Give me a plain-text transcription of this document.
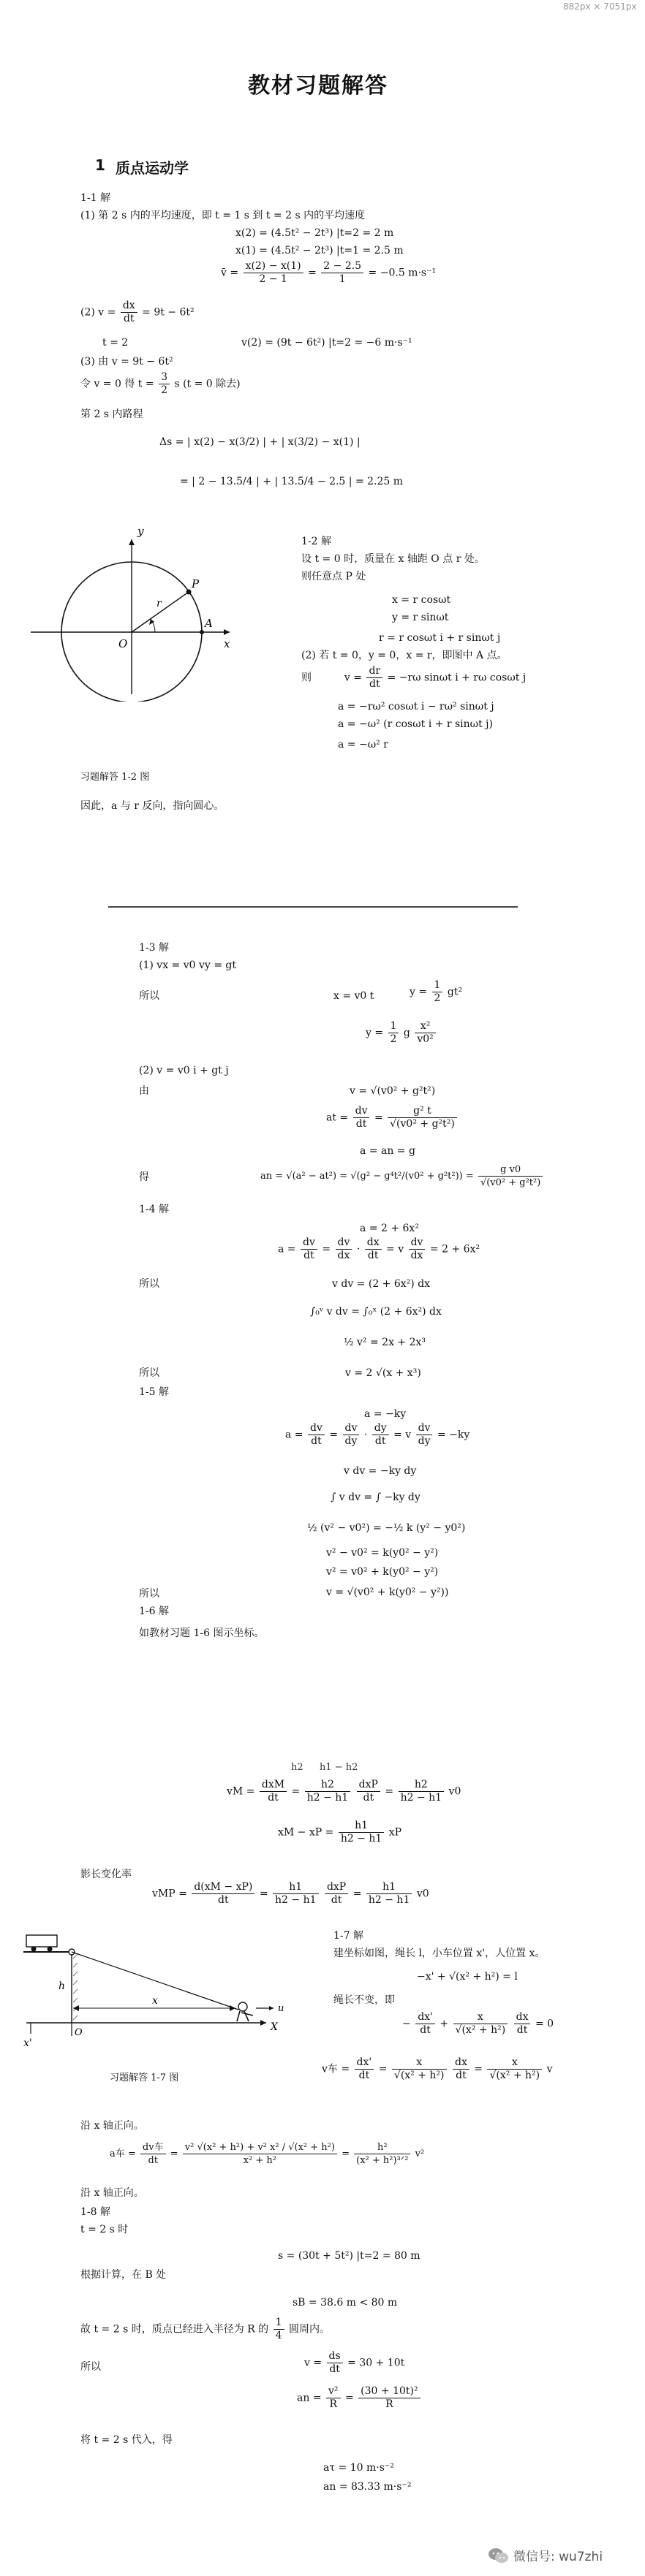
882px × 7051px
教材习题解答
1 质点运动学
1-1 解
(1) 第 2 s 内的平均速度，即 t = 1 s 到 t = 2 s 内的平均速度
x(2) = (4.5t² − 2t³) |t=2 = 2 m
x(1) = (4.5t² − 2t³) |t=1 = 2.5 m
v̄ = $\frac{x(2) - x(1)}{2 - 1} = \frac{2 - 2.5}{1} = -0.5$ m·s⁻¹
(2) $v = \frac{dx}{dt} = 9t - 6t^2$
t = 2	v(2) = (9t − 6t²) |t=2 = −6 m·s⁻¹
(3) 由 v = 9t − 6t²
令 v = 0 得 $t = \frac{3}{2}$ s (t = 0 除去)
第 2 s 内路程
Δs = | x(2) − x(3/2) | + | x(3/2) − x(1) |
= | 2 − 13.5/4 | + | 13.5/4 − 2.5 | = 2.25 m
y
x
O
P
A
r
习题解答 1-2 图
1-2 解
设 t = 0 时，质量在 x 轴距 O 点 r 处。
则任意点 P 处
x = r cosωt
y = r sinωt
r = r cosωt i + r sinωt j
(2) 若 t = 0，y = 0，x = r，即图中 A 点。
则	$v = \frac{dr}{dt} = -r\omega$ sinωt i + rω cosωt j
a = −rω² cosωt i − rω² sinωt j
a = −ω² (r cosωt i + r sinωt j)
a = −ω² r
因此，a 与 r 反向，指向圆心。
1-3 解
(1) vx = v0 vy = gt
所以	x = v0 t	$y = \frac{1}{2} gt^2$
$y = \frac{1}{2}$ g $\frac{\text{x²}}{\text{v0²}}$
(2) v = v0 i + gt j
由	v = √(v0² + g²t²)
at = $\frac{dv}{dt} = \frac{\text{g² t}}{\text{√(v0² + g²t²)}}$
a = an = g
得	an = $√(a^2 - at^2) = √(g^2 - g^4t^2/(v0^2 + g^2t^2)) = \frac{\text{g v0}}{\text{√(v0² + g²t²)}}$
1-4 解
a = 2 + 6x²
$a = \frac{dv}{dt} = \frac{dv}{dx} \cdot \frac{dx}{dt} = v \frac{dv}{dx} = 2 + 6x^2$
所以	v dv = (2 + 6x²) dx
∫₀ᵛ v dv = ∫₀ˣ (2 + 6x²) dx
½ v² = 2x + 2x³
所以	v = 2 √(x + x³)
1-5 解
a = −ky
$a = \frac{dv}{dt} = \frac{dv}{dy} \cdot \frac{dy}{dt} = v \frac{dv}{dy} = -ky$
v dv = −ky dy
∫ v dv = ∫ −ky dy
½ (v² − v0²) = −½ k (y² − y0²)
v² − v0² = k(y0² − y²)
v² = v0² + k(y0² − y²)
所以	v = √(v0² + k(y0² − y²))
1-6 解
如教材习题 1-6 图示坐标。
h2 h1 − h2
vM =
dxM
dt
= $\frac{h2}{h2 - h1}$
dxP
dt
= $\frac{h2}{h2 - h1} v0$
xM − xP = $\frac{h1}{h2 - h1}$ xP
影长变化率
vMP = $\frac{d(xM - xP)}{dt} = \frac{h1}{h2 - h1}$
dxP
dt
= $\frac{h1}{h2 - h1} v0$
h
x
x'
X
u
O
习题解答 1-7 图
1-7 解
建坐标如图，绳长 l，小车位置 x'，人位置 x。
−x' + √(x² + h²) = l
绳长不变，即
− $\frac{dx'}{dt} + \frac{x}{\text{√(x² + h²)}}$
$\frac{dx}{dt} = 0$
v车 = $\frac{dx'}{dt} = \frac{x}{\text{√(x² + h²)}}$
$\frac{dx}{dt} = \frac{x}{\text{√(x² + h²)}}$ v
沿 x 轴正向。
a车 =
dv车
dt
= $\frac{\text{v² √(x² + h²) + v² x² / √(x² + h²)}}{\text{x² + h²}}$ =
h²
(x² + h²)³ᐟ²
v²
沿 x 轴正向。
1-8 解
t = 2 s 时
s = (30t + 5t²) |t=2 = 80 m
根据计算，在 B 处
sB = 38.6 m < 80 m
故 t = 2 s 时，质点已经进入半径为 R 的 $\frac{1}{4}$ 圆周内。
所以	$v = \frac{ds}{dt} = 30 + 10t$
an = $\frac{\text{v²}}{R} = \frac{\text{(30 + 10t)²}}{R}$
将 t = 2 s 代入，得
aτ = 10 m·s⁻²
an = 83.33 m·s⁻²
微信号: wu7zhi
